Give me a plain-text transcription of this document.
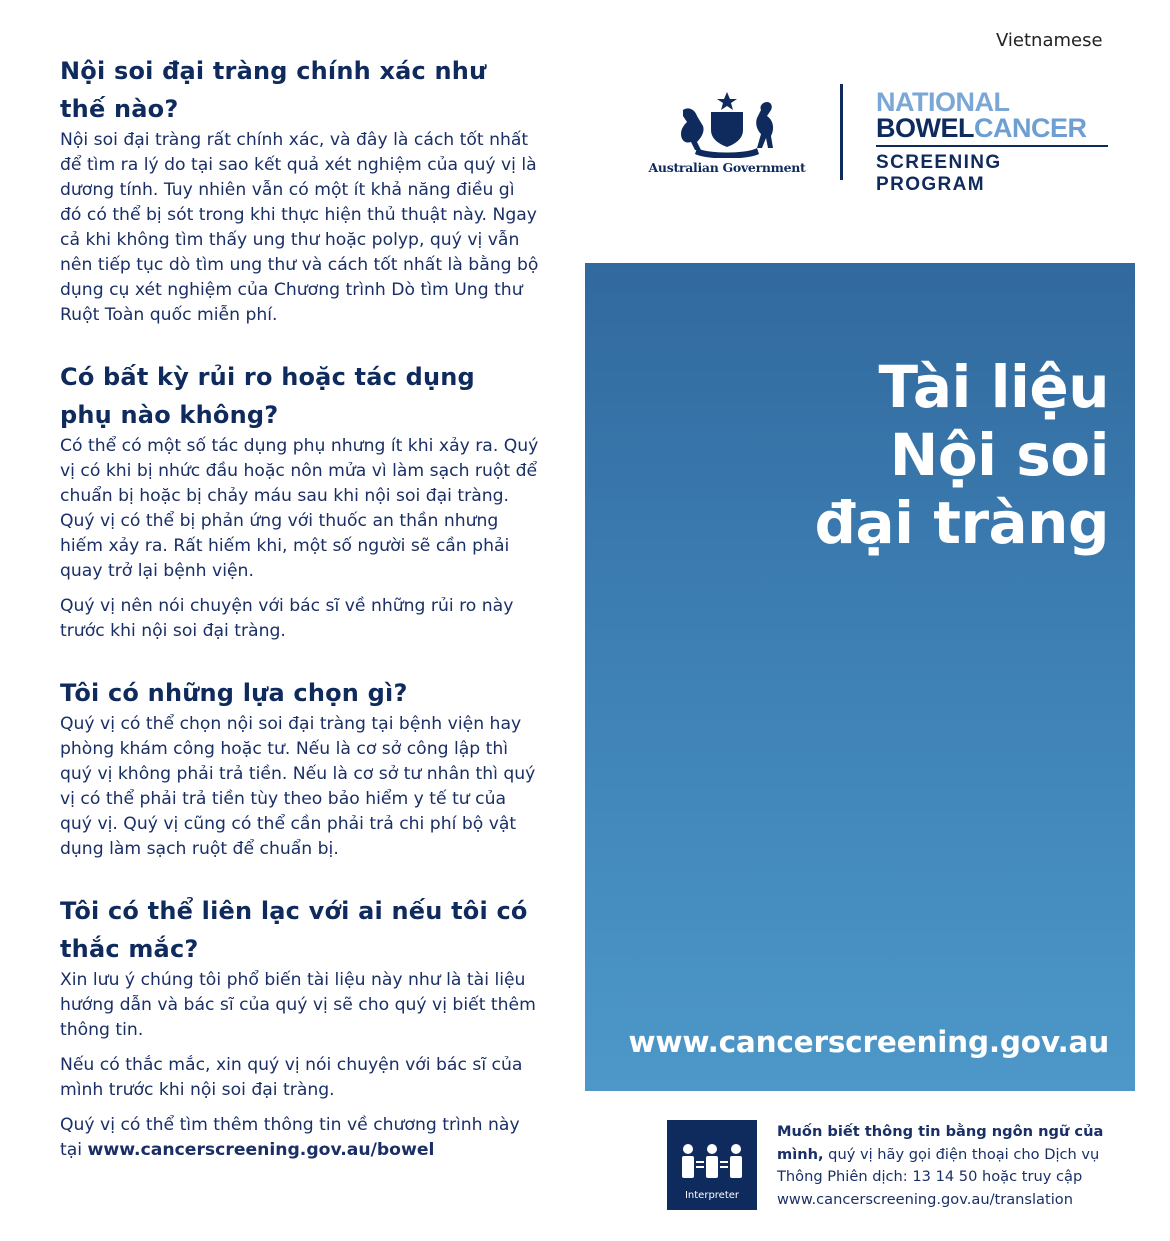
Vietnamese
Nội soi đại tràng chính xác như
thế nào?

Nội soi đại tràng rất chính xác, và đây là cách tốt nhất để tìm ra lý do tại sao kết quả xét nghiệm của quý vị là dương tính. Tuy nhiên vẫn có một ít khả năng điều gì đó có thể bị sót trong khi thực hiện thủ thuật này. Ngay cả khi không tìm thấy ung thư hoặc polyp, quý vị vẫn nên tiếp tục dò tìm ung thư và cách tốt nhất là bằng bộ dụng cụ xét nghiệm của Chương trình Dò tìm Ung thư Ruột Toàn quốc miễn phí.

Có bất kỳ rủi ro hoặc tác dụng
phụ nào không?

Có thể có một số tác dụng phụ nhưng ít khi xảy ra. Quý vị có khi bị nhức đầu hoặc nôn mửa vì làm sạch ruột để chuẩn bị hoặc bị chảy máu sau khi nội soi đại tràng. Quý vị có thể bị phản ứng với thuốc an thần nhưng hiếm xảy ra. Rất hiếm khi, một số người sẽ cần phải quay trở lại bệnh viện.

Quý vị nên nói chuyện với bác sĩ về những rủi ro này trước khi nội soi đại tràng.

Tôi có những lựa chọn gì?

Quý vị có thể chọn nội soi đại tràng tại bệnh viện hay phòng khám công hoặc tư. Nếu là cơ sở công lập thì quý vị không phải trả tiền. Nếu là cơ sở tư nhân thì quý vị có thể phải trả tiền tùy theo bảo hiểm y tế tư của quý vị. Quý vị cũng có thể cần phải trả chi phí bộ vật dụng làm sạch ruột để chuẩn bị.

Tôi có thể liên lạc với ai nếu tôi có
thắc mắc?

Xin lưu ý chúng tôi phổ biến tài liệu này như là tài liệu hướng dẫn và bác sĩ của quý vị sẽ cho quý vị biết thêm thông tin.

Nếu có thắc mắc, xin quý vị nói chuyện với bác sĩ của mình trước khi nội soi đại tràng.

Quý vị có thể tìm thêm thông tin về chương trình này tại www.cancerscreening.gov.au/bowel

Australian Government
NATIONAL
BOWELCANCER
SCREENING PROGRAM
Tài liệu
Nội soi
đại tràng
www.cancerscreening.gov.au
Interpreter
Muốn biết thông tin bằng ngôn ngữ của mình, quý vị hãy gọi điện thoại cho Dịch vụ Thông Phiên dịch: 13 14 50 hoặc truy cập www.cancerscreening.gov.au/translation
